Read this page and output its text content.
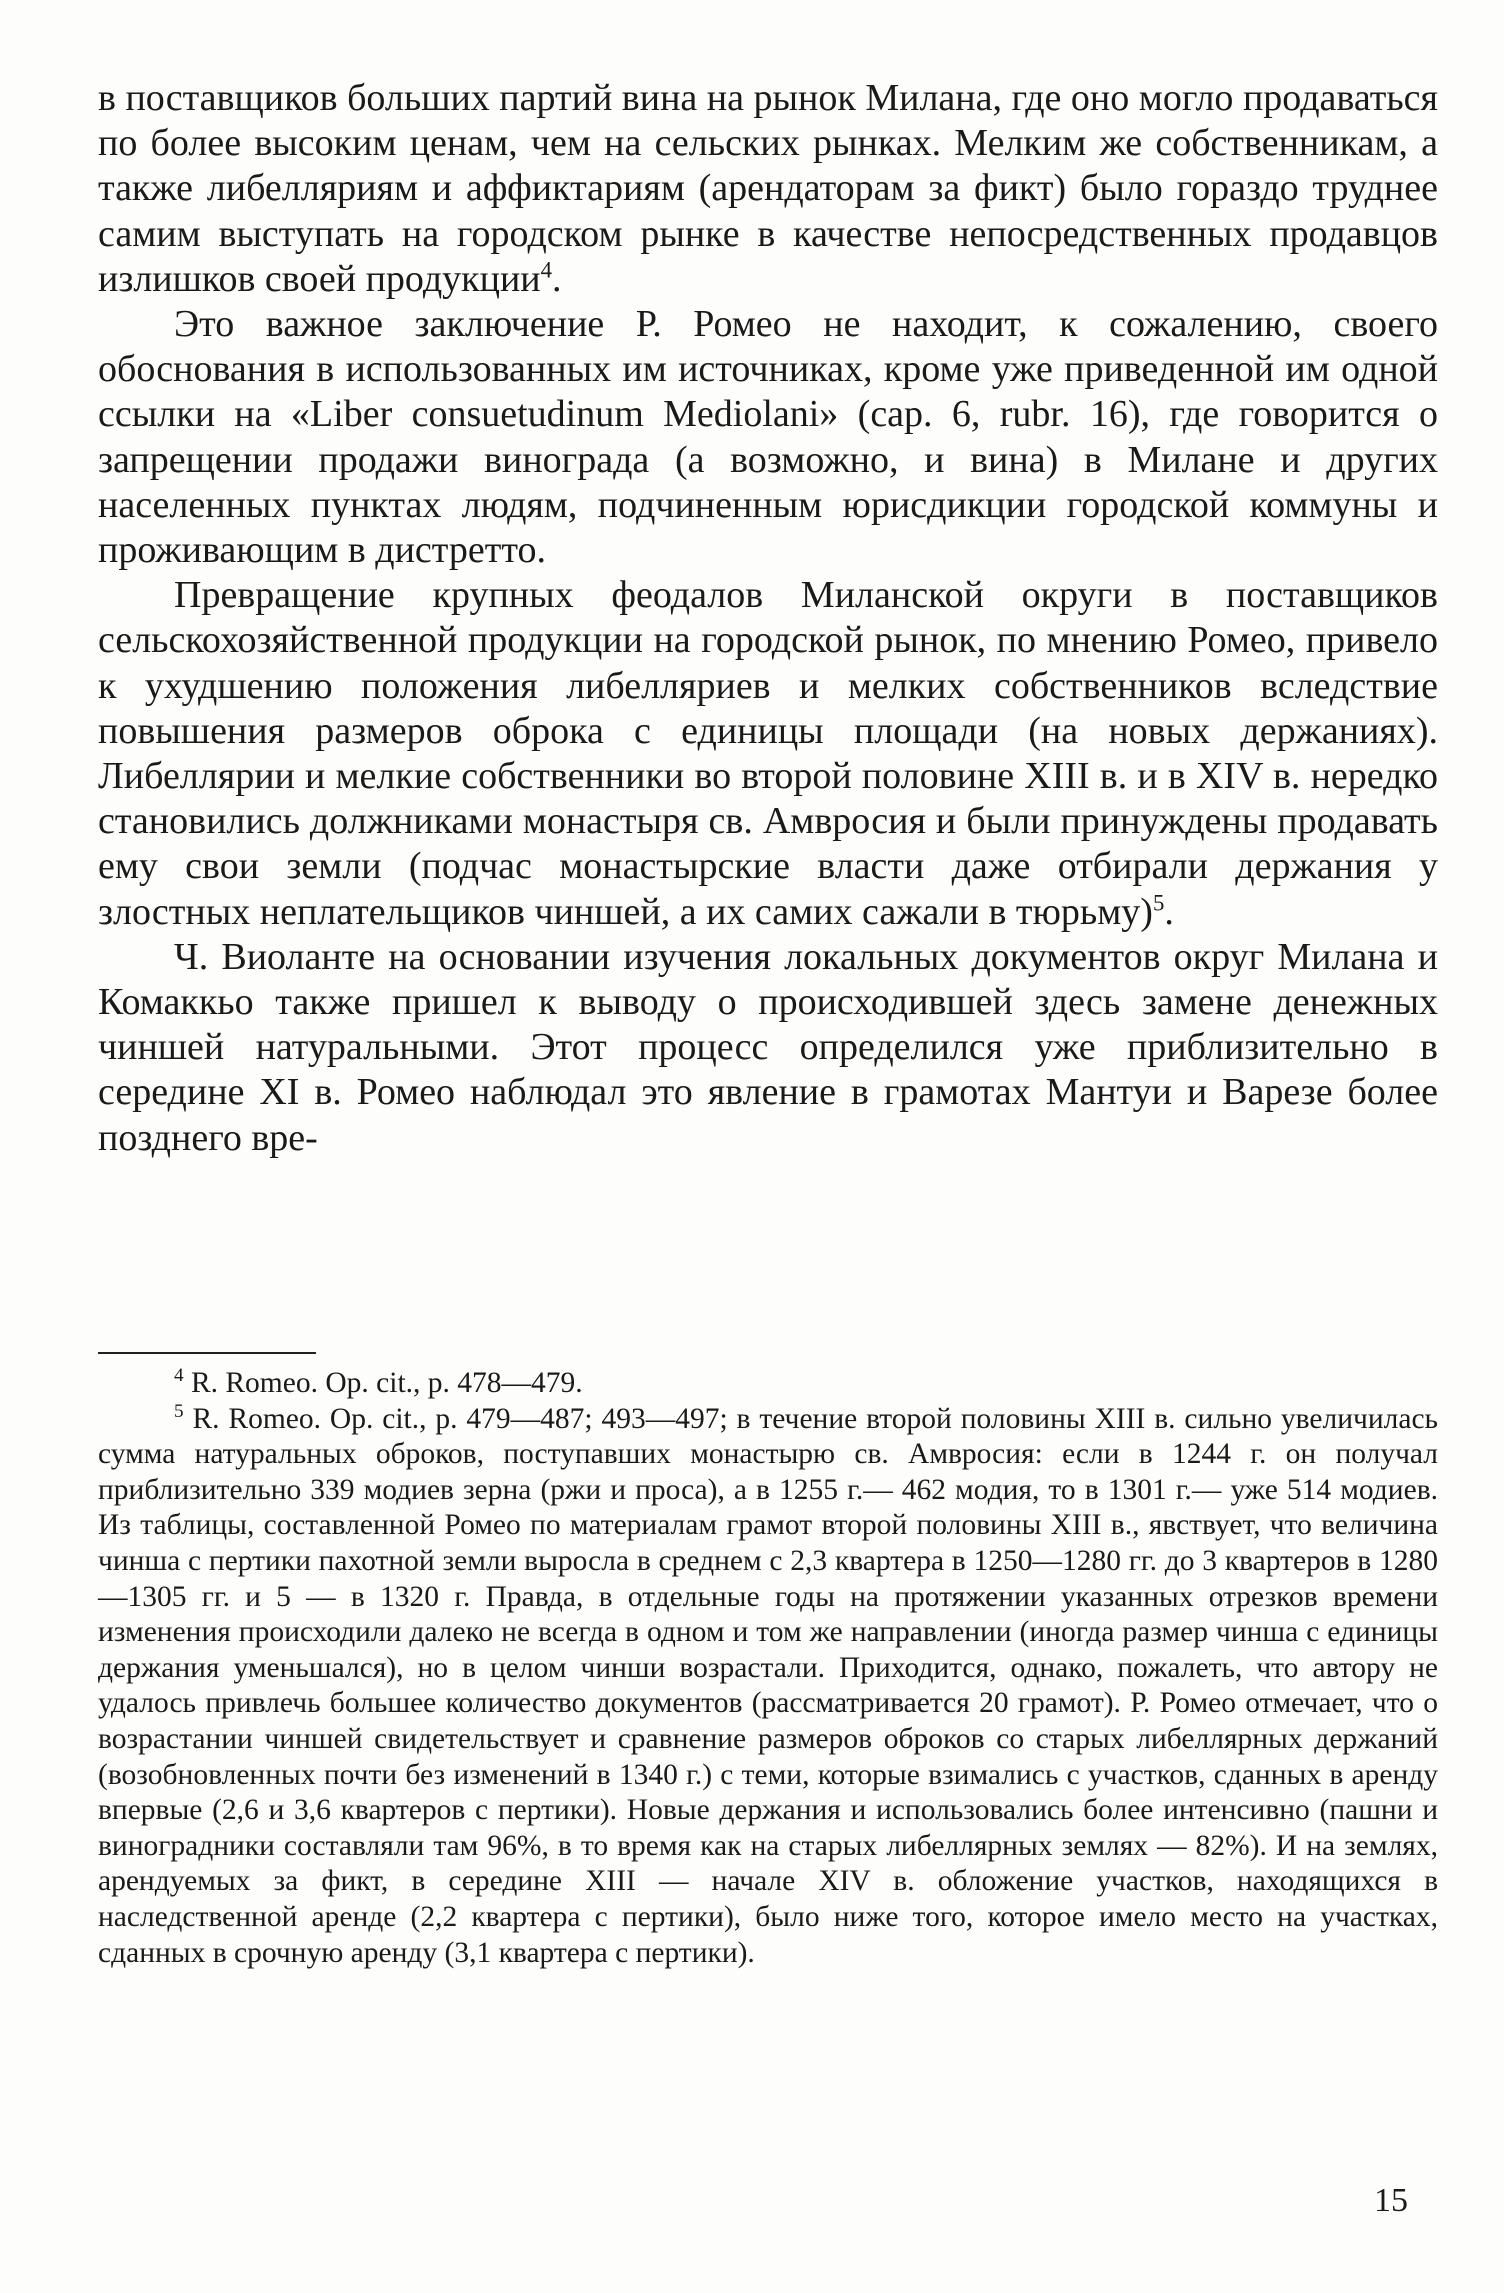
в поставщиков больших партий вина на рынок Милана, где оно могло продаваться по более высоким ценам, чем на сельских рынках. Мелким же собственникам, а также либелляриям и аффиктариям (арендаторам за фикт) было гораздо труднее самим выступать на городском рынке в качестве непосредственных продавцов излишков своей продукции$^4$.

Это важное заключение Р. Ромео не находит, к сожалению, своего обоснования в использованных им источниках, кроме уже приведенной им одной ссылки на «Liber consuetudinum Mediolani» (cap. 6, rubr. 16), где говорится о запрещении продажи винограда (а возможно, и вина) в Милане и других населенных пунктах людям, подчиненным юрисдикции городской коммуны и проживающим в дистретто.

Превращение крупных феодалов Миланской округи в поставщиков сельскохозяйственной продукции на городской рынок, по мнению Ромео, привело к ухудшению положения либелляриев и мелких собственников вследствие повышения размеров оброка с единицы площади (на новых держаниях). Либеллярии и мелкие собственники во второй половине XIII в. и в XIV в. нередко становились должниками монастыря св. Амвросия и были принуждены продавать ему свои земли (подчас монастырские власти даже отбирали держания у злостных неплательщиков чиншей, а их самих сажали в тюрьму)$^5$.

Ч. Виоланте на основании изучения локальных документов округ Милана и Комаккьо также пришел к выводу о происходившей здесь замене денежных чиншей натуральными. Этот процесс определился уже приблизительно в середине XI в. Ромео наблюдал это явление в грамотах Мантуи и Варезе более позднего вре-

$^4$ R. Romeo. Op. cit., p. 478—479.

$^5$ R. Romeo. Op. cit., p. 479—487; 493—497; в течение второй половины XIII в. сильно увеличилась сумма натуральных оброков, поступавших монастырю св. Амвросия: если в 1244 г. он получал приблизительно 339 модиев зерна (ржи и проса), а в 1255 г.— 462 модия, то в 1301 г.— уже 514 модиев. Из таблицы, составленной Ромео по материалам грамот второй половины XIII в., явствует, что величина чинша с пертики пахотной земли выросла в среднем с 2,3 квартера в 1250—1280 гг. до 3 квартеров в 1280—1305 гг. и 5 — в 1320 г. Правда, в отдельные годы на протяжении указанных отрезков времени изменения происходили далеко не всегда в одном и том же направлении (иногда размер чинша с единицы держания уменьшался), но в целом чинши возрастали. Приходится, однако, пожалеть, что автору не удалось привлечь большее количество документов (рассматривается 20 грамот). Р. Ромео отмечает, что о возрастании чиншей свидетельствует и сравнение размеров оброков со старых либеллярных держаний (возобновленных почти без изменений в 1340 г.) с теми, которые взимались с участков, сданных в аренду впервые (2,6 и 3,6 квартеров с пертики). Новые держания и использовались более интенсивно (пашни и виноградники составляли там 96%, в то время как на старых либеллярных землях — 82%). И на землях, арендуемых за фикт, в середине XIII — начале XIV в. обложение участков, находящихся в наследственной аренде (2,2 квартера с пертики), было ниже того, которое имело место на участках, сданных в срочную аренду (3,1 квартера с пертики).

15
